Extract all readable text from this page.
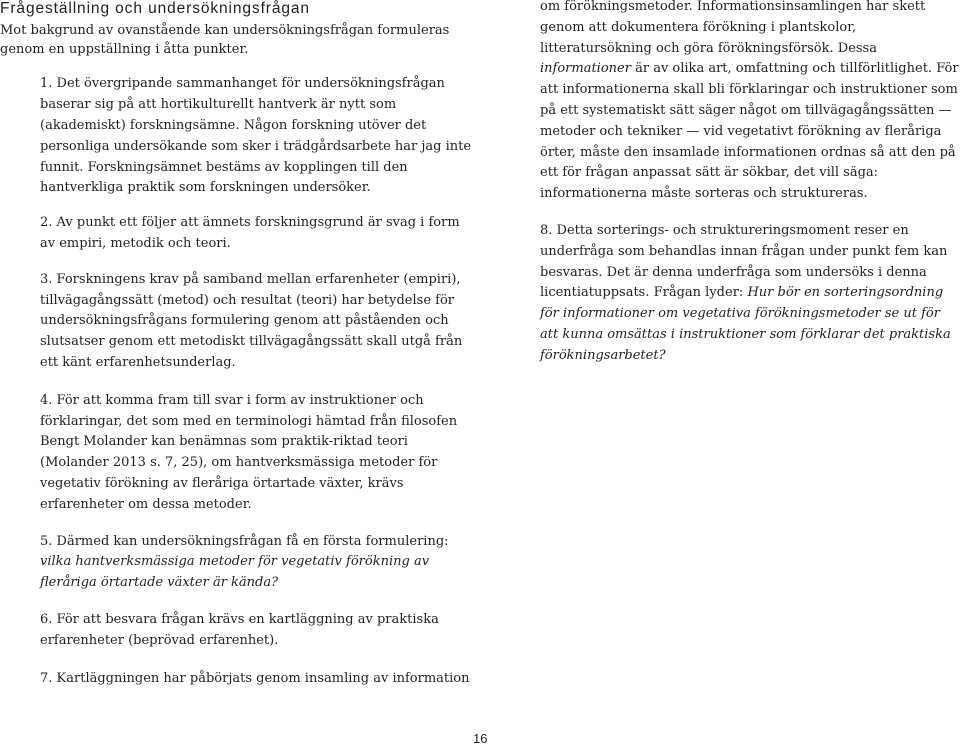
Frågeställning och undersökningsfrågan

Mot bakgrund av ovanstående kan undersökningsfrågan formuleras genom en uppställning i åtta punkter.

1. Det övergripande sammanhanget för undersökningsfrågan baserar sig på att hortikulturellt hantverk är nytt som (akademiskt) forskningsämne. Någon forskning utöver det personliga undersökande som sker i trädgårdsarbete har jag inte funnit. Forskningsämnet bestäms av kopplingen till den hantverkliga praktik som forskningen undersöker.

2. Av punkt ett följer att ämnets forskningsgrund är svag i form av empiri, metodik och teori.

3. Forskningens krav på samband mellan erfarenheter (empiri), tillvägagångssätt (metod) och resultat (teori) har betydelse för undersökningsfrågans formulering genom att påståenden och slutsatser genom ett metodiskt tillvägagångssätt skall utgå från ett känt erfarenhetsunderlag.

4. För att komma fram till svar i form av instruktioner och förklaringar, det som med en terminologi hämtad från filosofen Bengt Molander kan benämnas som praktik-riktad teori (Molander 2013 s. 7, 25), om hantverksmässiga metoder för vegetativ förökning av fleråriga örtartade växter, krävs erfarenheter om dessa metoder.

5. Därmed kan undersökningsfrågan få en första formulering: vilka hantverksmässiga metoder för vegetativ förökning av fleråriga örtartade växter är kända?

6. För att besvara frågan krävs en kartläggning av praktiska erfarenheter (beprövad erfarenhet).

7. Kartläggningen har påbörjats genom insamling av information

om förökningsmetoder. Informationsinsamlingen har skett genom att dokumentera förökning i plantskolor, litteratursökning och göra förökningsförsök. Dessa informationer är av olika art, omfattning och tillförlitlighet. För att informationerna skall bli förklaringar och instruktioner som på ett systematiskt sätt säger något om tillvägagångssätten — metoder och tekniker — vid vegetativt förökning av fleråriga örter, måste den insamlade informationen ordnas så att den på ett för frågan anpassat sätt är sökbar, det vill säga: informationerna måste sorteras och struktureras.

8. Detta sorterings- och struktureringsmoment reser en underfråga som behandlas innan frågan under punkt fem kan besvaras. Det är denna underfråga som undersöks i denna licentiatuppsats. Frågan lyder: Hur bör en sorteringsordning för informationer om vegetativa förökningsmetoder se ut för att kunna omsättas i instruktioner som förklarar det praktiska förökningsarbetet?

16
